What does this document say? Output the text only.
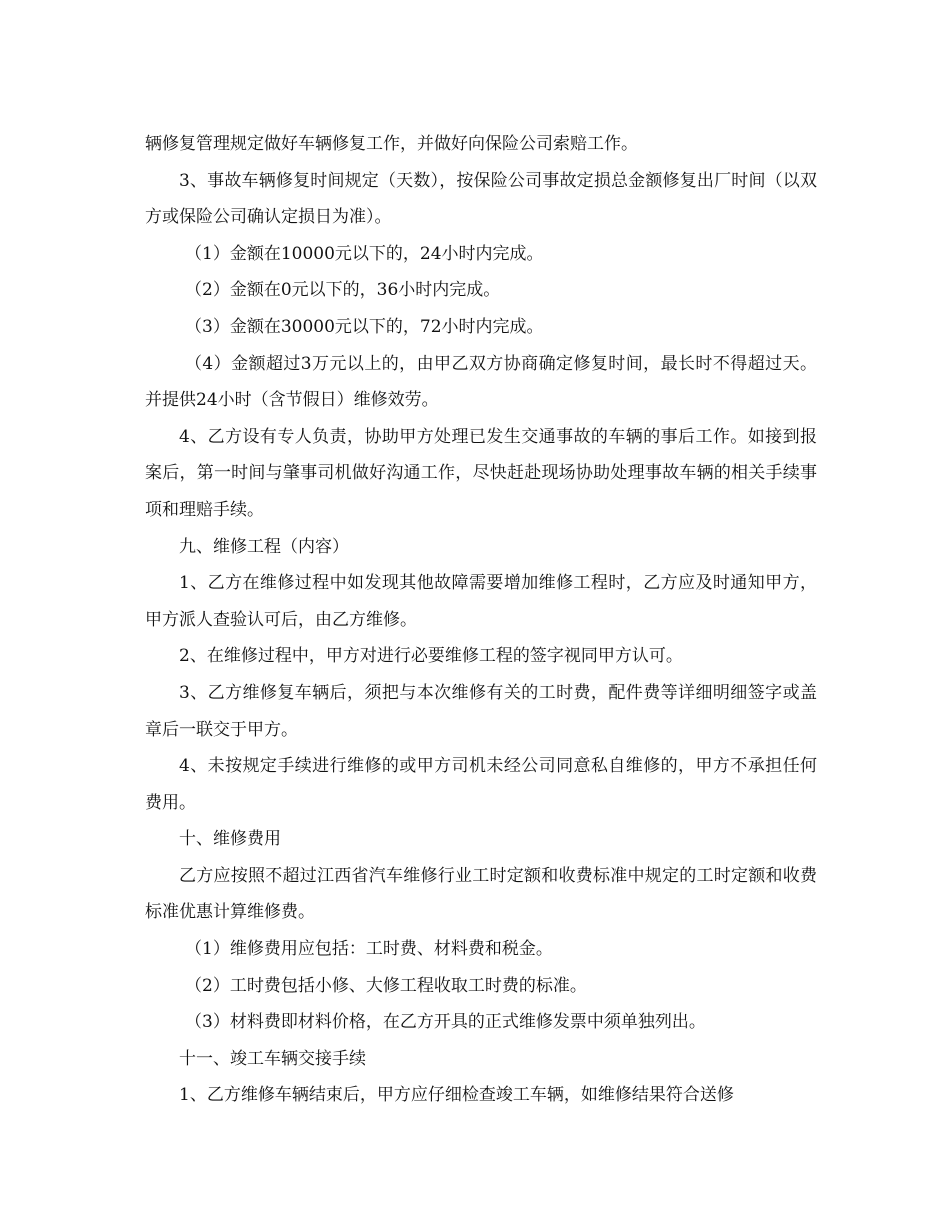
辆修复管理规定做好车辆修复工作，并做好向保险公司索赔工作。

3、事故车辆修复时间规定（天数），按保险公司事故定损总金额修复出厂时间（以双方或保险公司确认定损日为准）。

（1）金额在10000元以下的，24小时内完成。

（2）金额在0元以下的，36小时内完成。

（3）金额在30000元以下的，72小时内完成。

（4）金额超过3万元以上的，由甲乙双方协商确定修复时间，最长时不得超过天。并提供24小时（含节假日）维修效劳。

4、乙方设有专人负责，协助甲方处理已发生交通事故的车辆的事后工作。如接到报案后，第一时间与肇事司机做好沟通工作，尽快赶赴现场协助处理事故车辆的相关手续事项和理赔手续。

九、维修工程（内容）

1、乙方在维修过程中如发现其他故障需要增加维修工程时，乙方应及时通知甲方，甲方派人查验认可后，由乙方维修。

2、在维修过程中，甲方对进行必要维修工程的签字视同甲方认可。

3、乙方维修复车辆后，须把与本次维修有关的工时费，配件费等详细明细签字或盖章后一联交于甲方。

4、未按规定手续进行维修的或甲方司机未经公司同意私自维修的，甲方不承担任何费用。

十、维修费用

乙方应按照不超过江西省汽车维修行业工时定额和收费标准中规定的工时定额和收费标准优惠计算维修费。

（1）维修费用应包括：工时费、材料费和税金。

（2）工时费包括小修、大修工程收取工时费的标准。

（3）材料费即材料价格，在乙方开具的正式维修发票中须单独列出。

十一、竣工车辆交接手续

1、乙方维修车辆结束后，甲方应仔细检查竣工车辆，如维修结果符合送修
